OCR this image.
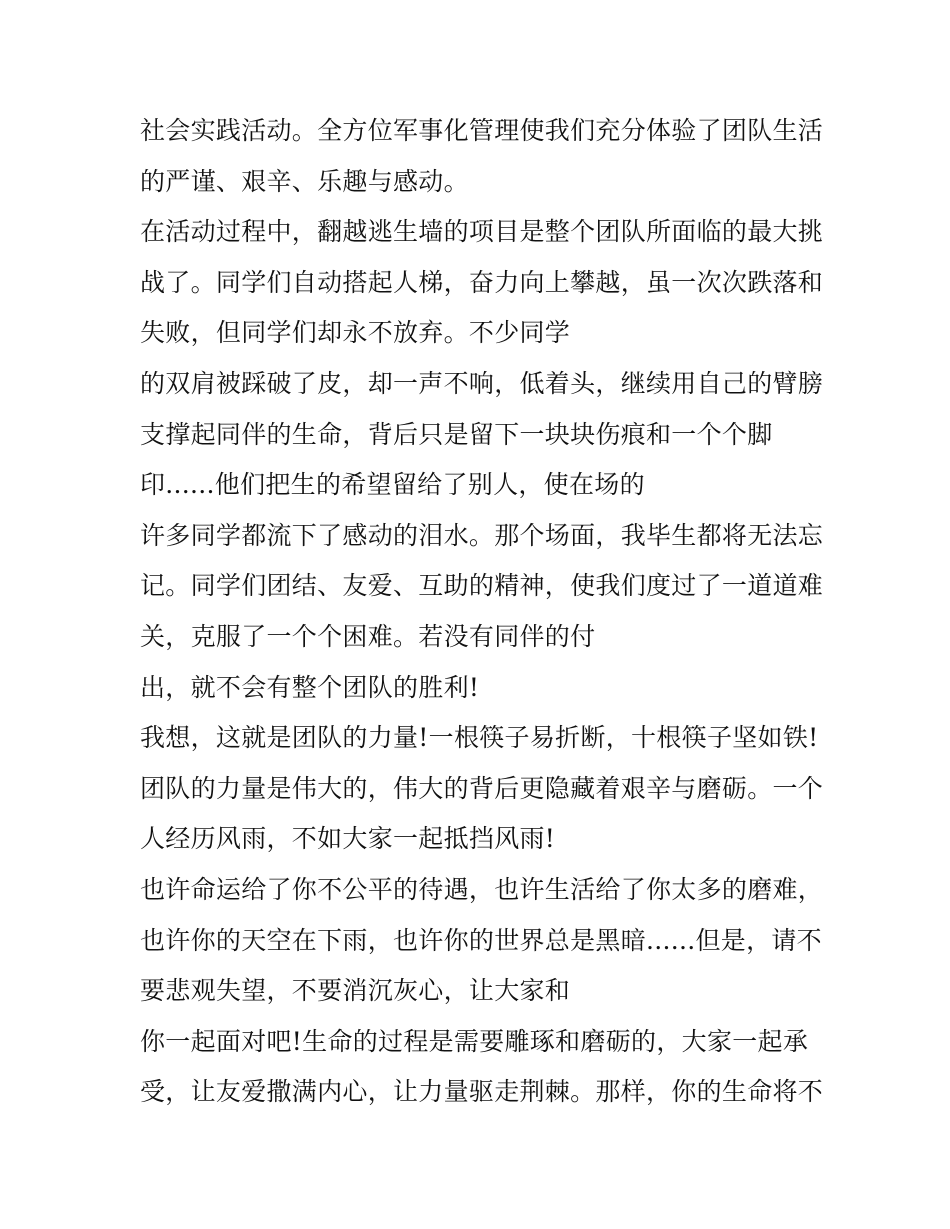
社会实践活动。全方位军事化管理使我们充分体验了团队生活
的严谨、艰辛、乐趣与感动。
在活动过程中，翻越逃生墙的项目是整个团队所面临的最大挑
战了。同学们自动搭起人梯，奋力向上攀越，虽一次次跌落和
失败，但同学们却永不放弃。不少同学
的双肩被踩破了皮，却一声不响，低着头，继续用自己的臂膀
支撑起同伴的生命，背后只是留下一块块伤痕和一个个脚
印......他们把生的希望留给了别人，使在场的
许多同学都流下了感动的泪水。那个场面，我毕生都将无法忘
记。同学们团结、友爱、互助的精神，使我们度过了一道道难
关，克服了一个个困难。若没有同伴的付
出，就不会有整个团队的胜利!
我想，这就是团队的力量!一根筷子易折断，十根筷子坚如铁!
团队的力量是伟大的，伟大的背后更隐藏着艰辛与磨砺。一个
人经历风雨，不如大家一起抵挡风雨!
也许命运给了你不公平的待遇，也许生活给了你太多的磨难，
也许你的天空在下雨，也许你的世界总是黑暗......但是，请不
要悲观失望，不要消沉灰心，让大家和
你一起面对吧!生命的过程是需要雕琢和磨砺的，大家一起承
受，让友爱撒满内心，让力量驱走荆棘。那样，你的生命将不
